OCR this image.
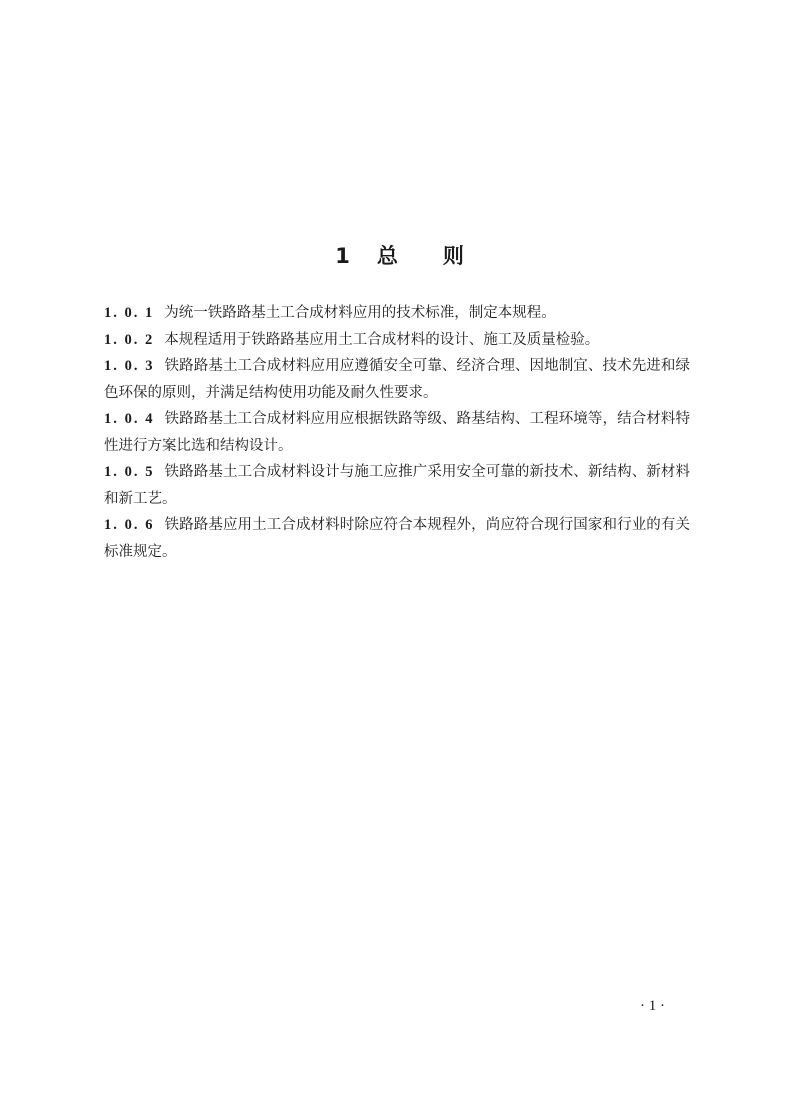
1 总 则

1. 0. 1 为统一铁路路基土工合成材料应用的技术标准，制定本规程。

1. 0. 2 本规程适用于铁路路基应用土工合成材料的设计、施工及质量检验。

1. 0. 3 铁路路基土工合成材料应用应遵循安全可靠、经济合理、因地制宜、技术先进和绿色环保的原则，并满足结构使用功能及耐久性要求。

1. 0. 4 铁路路基土工合成材料应用应根据铁路等级、路基结构、工程环境等，结合材料特性进行方案比选和结构设计。

1. 0. 5 铁路路基土工合成材料设计与施工应推广采用安全可靠的新技术、新结构、新材料和新工艺。

1. 0. 6 铁路路基应用土工合成材料时除应符合本规程外，尚应符合现行国家和行业的有关标准规定。

· 1 ·
